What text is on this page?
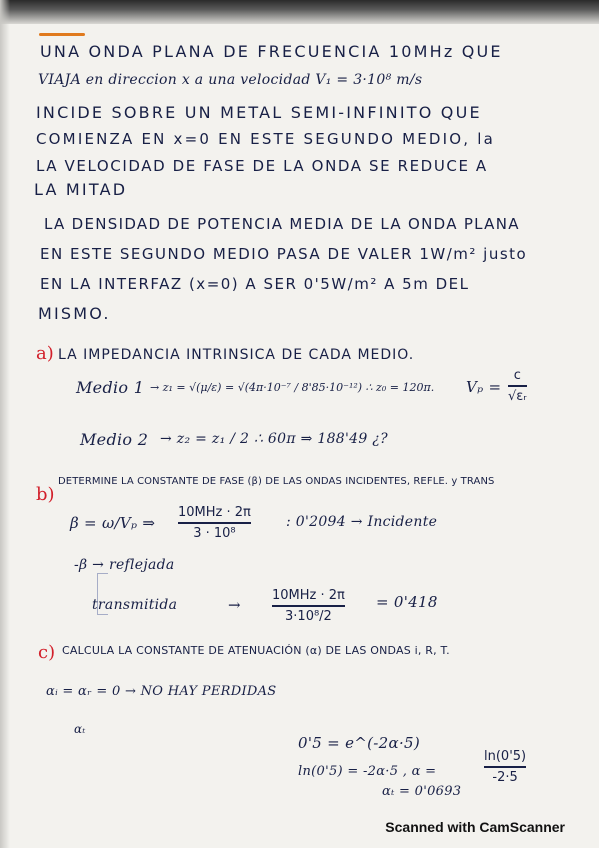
UNA ONDA PLANA DE FRECUENCIA 10MHz QUE
VIAJA en direccion x a una velocidad V₁ = 3·10⁸ m/s
INCIDE SOBRE UN METAL SEMI-INFINITO QUE
COMIENZA EN x=0 EN ESTE SEGUNDO MEDIO, la
LA VELOCIDAD DE FASE DE LA ONDA SE REDUCE A
LA MITAD
LA DENSIDAD DE POTENCIA MEDIA DE LA ONDA PLANA
EN ESTE SEGUNDO MEDIO PASA DE VALER 1W/m² justo
EN LA INTERFAZ (x=0) A SER 0'5W/m² A 5m DEL
MISMO.
a) LA IMPEDANCIA INTRINSICA DE CADA MEDIO.
Medio 1 → z₁ = √(μ/ε) = √(4π·10⁻⁷ / 8'85·10⁻¹²) ∴ z₀ = 120π. Vₚ =
c
√εᵣ
Medio 2 → z₂ = z₁ / 2 ∴ 60π ⇒ 188'49 ¿?
b)
DETERMINE LA CONSTANTE DE FASE (β) DE LAS ONDAS INCIDENTES, REFLE. y TRANS
β = ω/Vₚ ⇒
10MHz · 2π
3 · 10⁸
: 0'2094 → Incidente
-β → reflejada
transmitida	→
10MHz · 2π
3·10⁸/2
= 0'418
c) CALCULA LA CONSTANTE DE ATENUACIÓN (α) DE LAS ONDAS i, R, T.
αᵢ = αᵣ = 0 → NO HAY PERDIDAS
αₜ
0'5 = e^(-2α·5)
ln(0'5) = -2α·5 , α =
ln(0'5)
-2·5
αₜ = 0'0693
Scanned with CamScanner
